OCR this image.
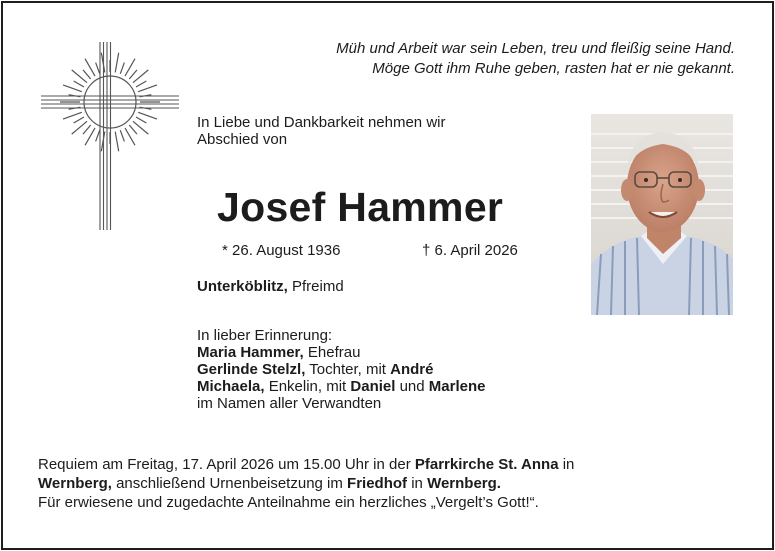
Müh und Arbeit war sein Leben, treu und fleißig seine Hand.
Möge Gott ihm Ruhe geben, rasten hat er nie gekannt.
In Liebe und Dankbarkeit nehmen wir
Abschied von
Josef Hammer
* 26. August 1936	† 6. April 2026
Unterköblitz, Pfreimd
In lieber Erinnerung:
Maria Hammer, Ehefrau
Gerlinde Stelzl, Tochter, mit André
Michaela, Enkelin, mit Daniel und Marlene
im Namen aller Verwandten
Requiem am Freitag, 17. April 2026 um 15.00 Uhr in der Pfarrkirche St. Anna in
Wernberg, anschließend Urnenbeisetzung im Friedhof in Wernberg.
Für erwiesene und zugedachte Anteilnahme ein herzliches „Vergelt’s Gott!“.
